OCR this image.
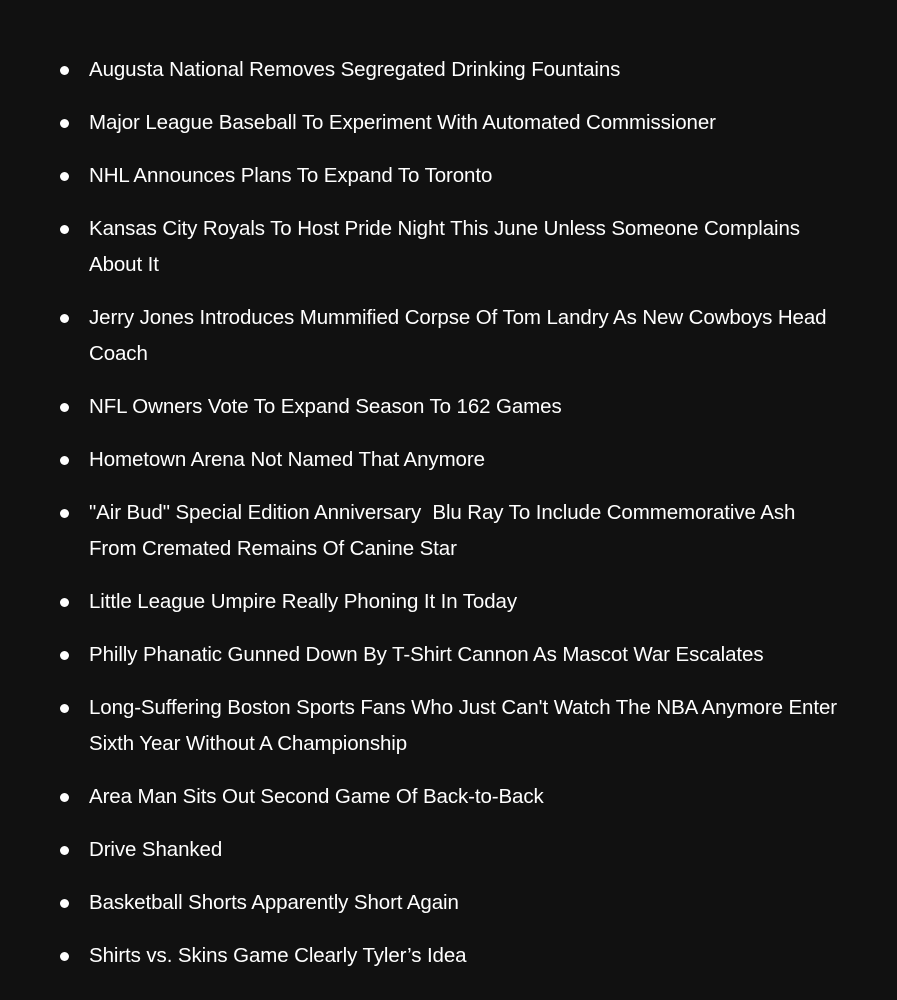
Augusta National Removes Segregated Drinking Fountains
Major League Baseball To Experiment With Automated Commissioner
NHL Announces Plans To Expand To Toronto
Kansas City Royals To Host Pride Night This June Unless Someone Complains About It
Jerry Jones Introduces Mummified Corpse Of Tom Landry As New Cowboys Head Coach
NFL Owners Vote To Expand Season To 162 Games
Hometown Arena Not Named That Anymore
"Air Bud" Special Edition Anniversary  Blu Ray To Include Commemorative Ash From Cremated Remains Of Canine Star
Little League Umpire Really Phoning It In Today
Philly Phanatic Gunned Down By T-Shirt Cannon As Mascot War Escalates
Long-Suffering Boston Sports Fans Who Just Can't Watch The NBA Anymore Enter Sixth Year Without A Championship
Area Man Sits Out Second Game Of Back-to-Back
Drive Shanked
Basketball Shorts Apparently Short Again
Shirts vs. Skins Game Clearly Tyler’s Idea
